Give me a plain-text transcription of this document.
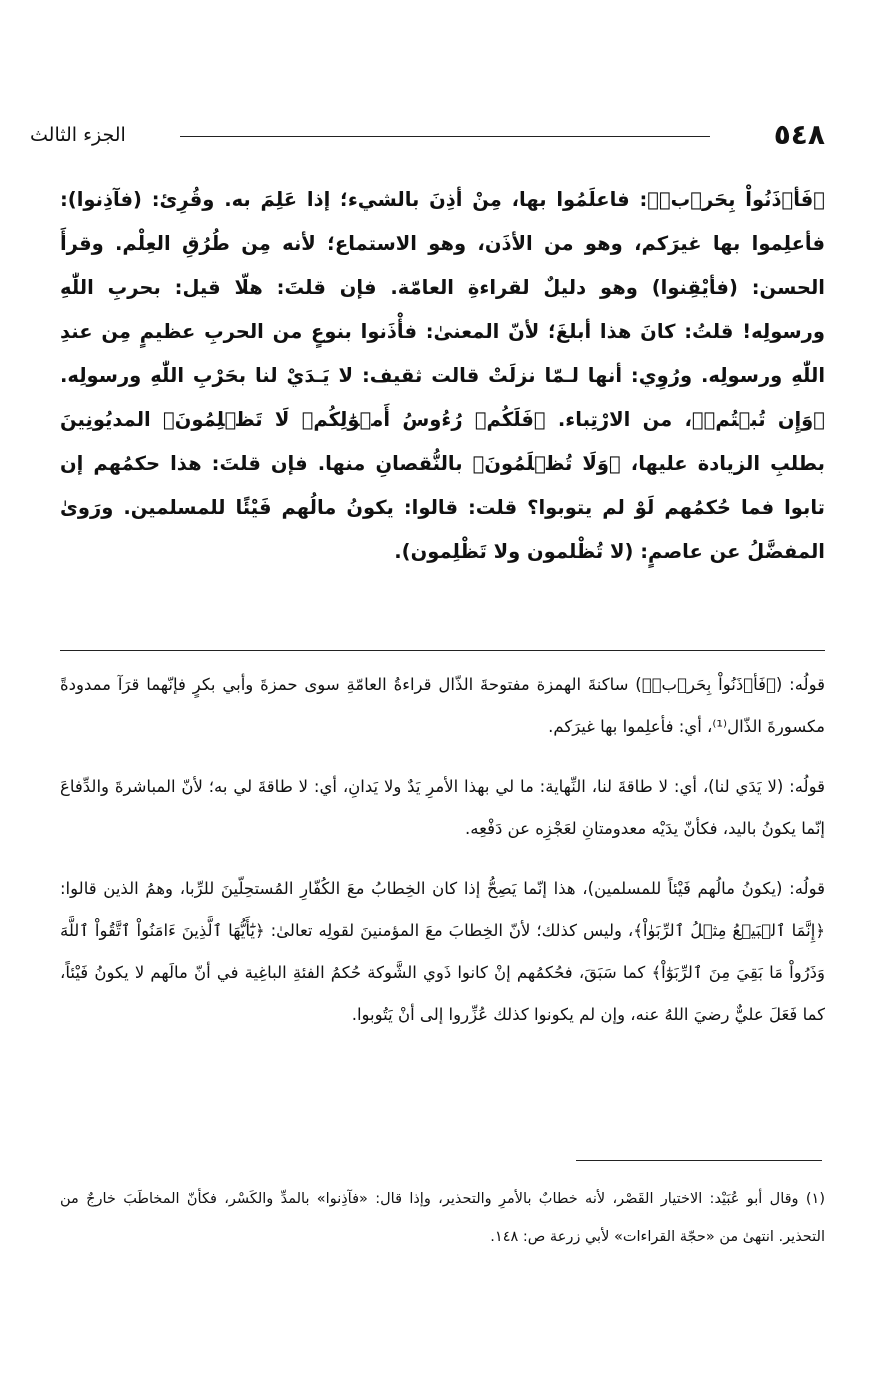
٥٤٨
الجزء الثالث
﴿فَأۡذَنُواْ بِحَرۡبٖ﴾: فاعلَمُوا بها، مِنْ أذِنَ بالشيء؛ إذا عَلِمَ به. وقُرِئ: (فآذِنوا): فأعلِموا بها غيرَكم، وهو من الأذَن، وهو الاستماع؛ لأنه مِن طُرُقِ العِلْم. وقرأَ الحسن: (فأيْقِنوا) وهو دليلٌ لقراءةِ العامّة. فإن قلتَ: هلّا قيل: بحربِ اللّٰهِ ورسولِه! قلتُ: كانَ هذا أبلغَ؛ لأنّ المعنىٰ: فأْذَنوا بنوعٍ من الحربِ عظيمٍ مِن عندِ اللّٰهِ ورسولِه. ورُوِي: أنها لـمّا نزلَتْ قالت ثقيف: لا يَـدَيْ لنا بحَرْبِ اللّٰهِ ورسولِه. ﴿وَإِن تُبۡتُمۡ﴾، من الارْتِباء. ﴿فَلَكُمۡ رُءُوسُ أَمۡوَٰلِكُمۡ لَا تَظۡلِمُونَ﴾ المديُونِينَ بطلبِ الزيادة عليها، ﴿وَلَا تُظۡلَمُونَ﴾ بالنُّقصانِ منها. فإن قلتَ: هذا حكمُهم إن تابوا فما حُكمُهم لَوْ لم يتوبوا؟ قلت: قالوا: يكونُ مالُهم فَيْئًا للمسلمين. ورَوىٰ المفضَّلُ عن عاصمٍ: (لا تُظْلمون ولا تَظْلِمون).

قولُه: (﴿فَأۡذَنُواْ بِحَرۡبٖ﴾) ساكنةَ الهمزة مفتوحةَ الذّال قراءةُ العامّةِ سوى حمزةَ وأبي بكرٍ فإنّهما قرَآ ممدودةً مكسورةَ الذّال⁽¹⁾، أي: فأعلِموا بها غيرَكم.

قولُه: (لا يَدَي لنا)، أي: لا طاقةَ لنا، النِّهاية: ما لي بهذا الأمرِ يَدٌ ولا يَدانِ، أي: لا طاقةَ لي به؛ لأنّ المباشرةَ والدِّفاعَ إنّما يكونُ باليد، فكأنّ يدَيْه معدومتانِ لعَجْزِه عن دَفْعِه.

قولُه: (يكونُ مالُهم فَيْئاً للمسلمين)، هذا إنّما يَصِحُّ إذا كان الخِطابُ معَ الكُفّارِ المُستحِلّينَ للرِّبا، وهمُ الذين قالوا: ﴿إِنَّمَا ٱلۡبَيۡعُ مِثۡلُ ٱلرِّبَوٰاْ﴾، وليس كذلك؛ لأنّ الخِطابَ معَ المؤمنينَ لقولِه تعالىٰ: ﴿يَٰٓأَيُّهَا ٱلَّذِينَ ءَامَنُواْ ٱتَّقُواْ ٱللَّهَ وَذَرُواْ مَا بَقِيَ مِنَ ٱلرِّبَوٰٓاْ﴾ كما سَبَقَ، فحُكمُهم إنْ كانوا ذَوي الشَّوكة حُكمُ الفئةِ الباغِية في أنّ مالَهم لا يكونُ فَيْئاً، كما فَعَلَ عليٌّ رضيَ اللهُ عنه، وإن لم يكونوا كذلك عُزِّروا إلى أنْ يَتُوبوا.

(١) وقال أبو عُبَيْد: الاختيار القَصْر، لأنه خطابٌ بالأمرِ والتحذير، وإذا قال: «فآذِنوا» بالمدِّ والكَسْر، فكأنّ المخاطَبَ خارجٌ من التحذير. انتهىٰ من «حجّة القراءات» لأبي زرعة ص: ١٤٨.
